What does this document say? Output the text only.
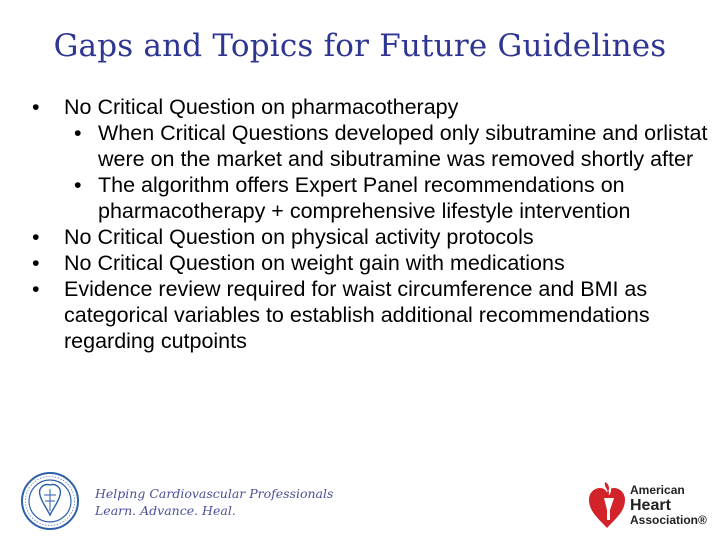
Gaps and Topics for Future Guidelines

• No Critical Question on pharmacotherapy

• When Critical Questions developed only sibutramine and orlistat were on the market and sibutramine was removed shortly after

• The algorithm offers Expert Panel recommendations on pharmacotherapy + comprehensive lifestyle intervention

• No Critical Question on physical activity protocols

• No Critical Question on weight gain with medications

• Evidence review required for waist circumference and BMI as categorical variables to establish additional recommendations regarding cutpoints

Helping Cardiovascular Professionals
Learn. Advance. Heal.
American
Heart
Association®
